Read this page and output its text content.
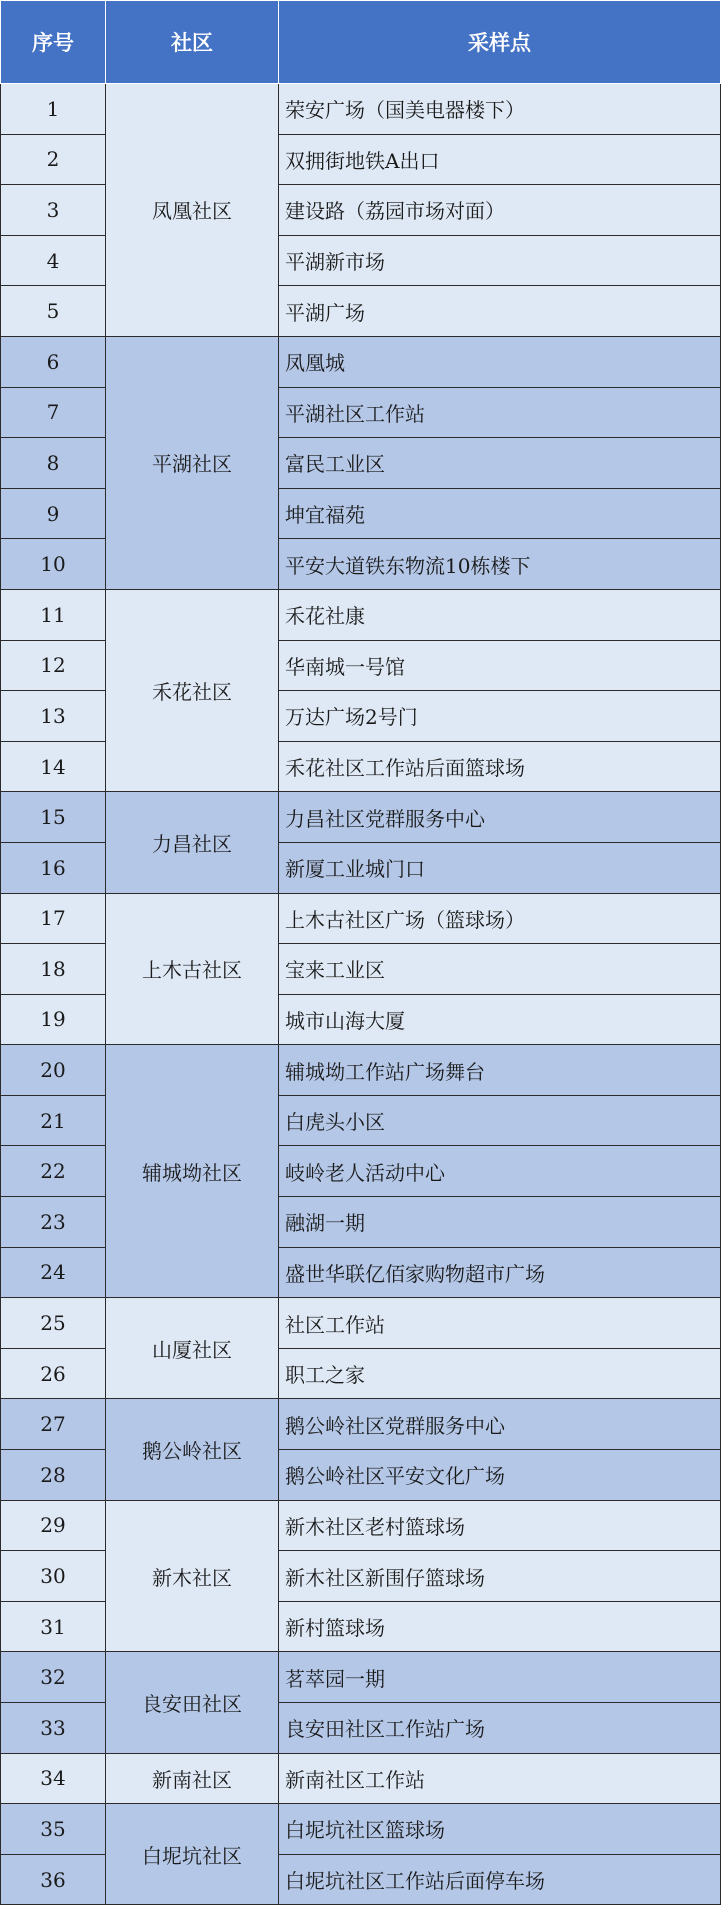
序号	社区	采样点
1	凤凰社区	荣安广场（国美电器楼下）
2		双拥街地铁A出口
3		建设路（荔园市场对面）
4		平湖新市场
5		平湖广场
6	平湖社区	凤凰城
7		平湖社区工作站
8		富民工业区
9		坤宜福苑
10		平安大道铁东物流10栋楼下
11	禾花社区	禾花社康
12		华南城一号馆
13		万达广场2号门
14		禾花社区工作站后面篮球场
15	力昌社区	力昌社区党群服务中心
16		新厦工业城门口
17	上木古社区	上木古社区广场（篮球场）
18		宝来工业区
19		城市山海大厦
20	辅城坳社区	辅城坳工作站广场舞台
21		白虎头小区
22		岐岭老人活动中心
23		融湖一期
24		盛世华联亿佰家购物超市广场
25	山厦社区	社区工作站
26		职工之家
27	鹅公岭社区	鹅公岭社区党群服务中心
28		鹅公岭社区平安文化广场
29	新木社区	新木社区老村篮球场
30		新木社区新围仔篮球场
31		新村篮球场
32	良安田社区	茗萃园一期
33		良安田社区工作站广场
34	新南社区	新南社区工作站
35	白坭坑社区	白坭坑社区篮球场
36		白坭坑社区工作站后面停车场
